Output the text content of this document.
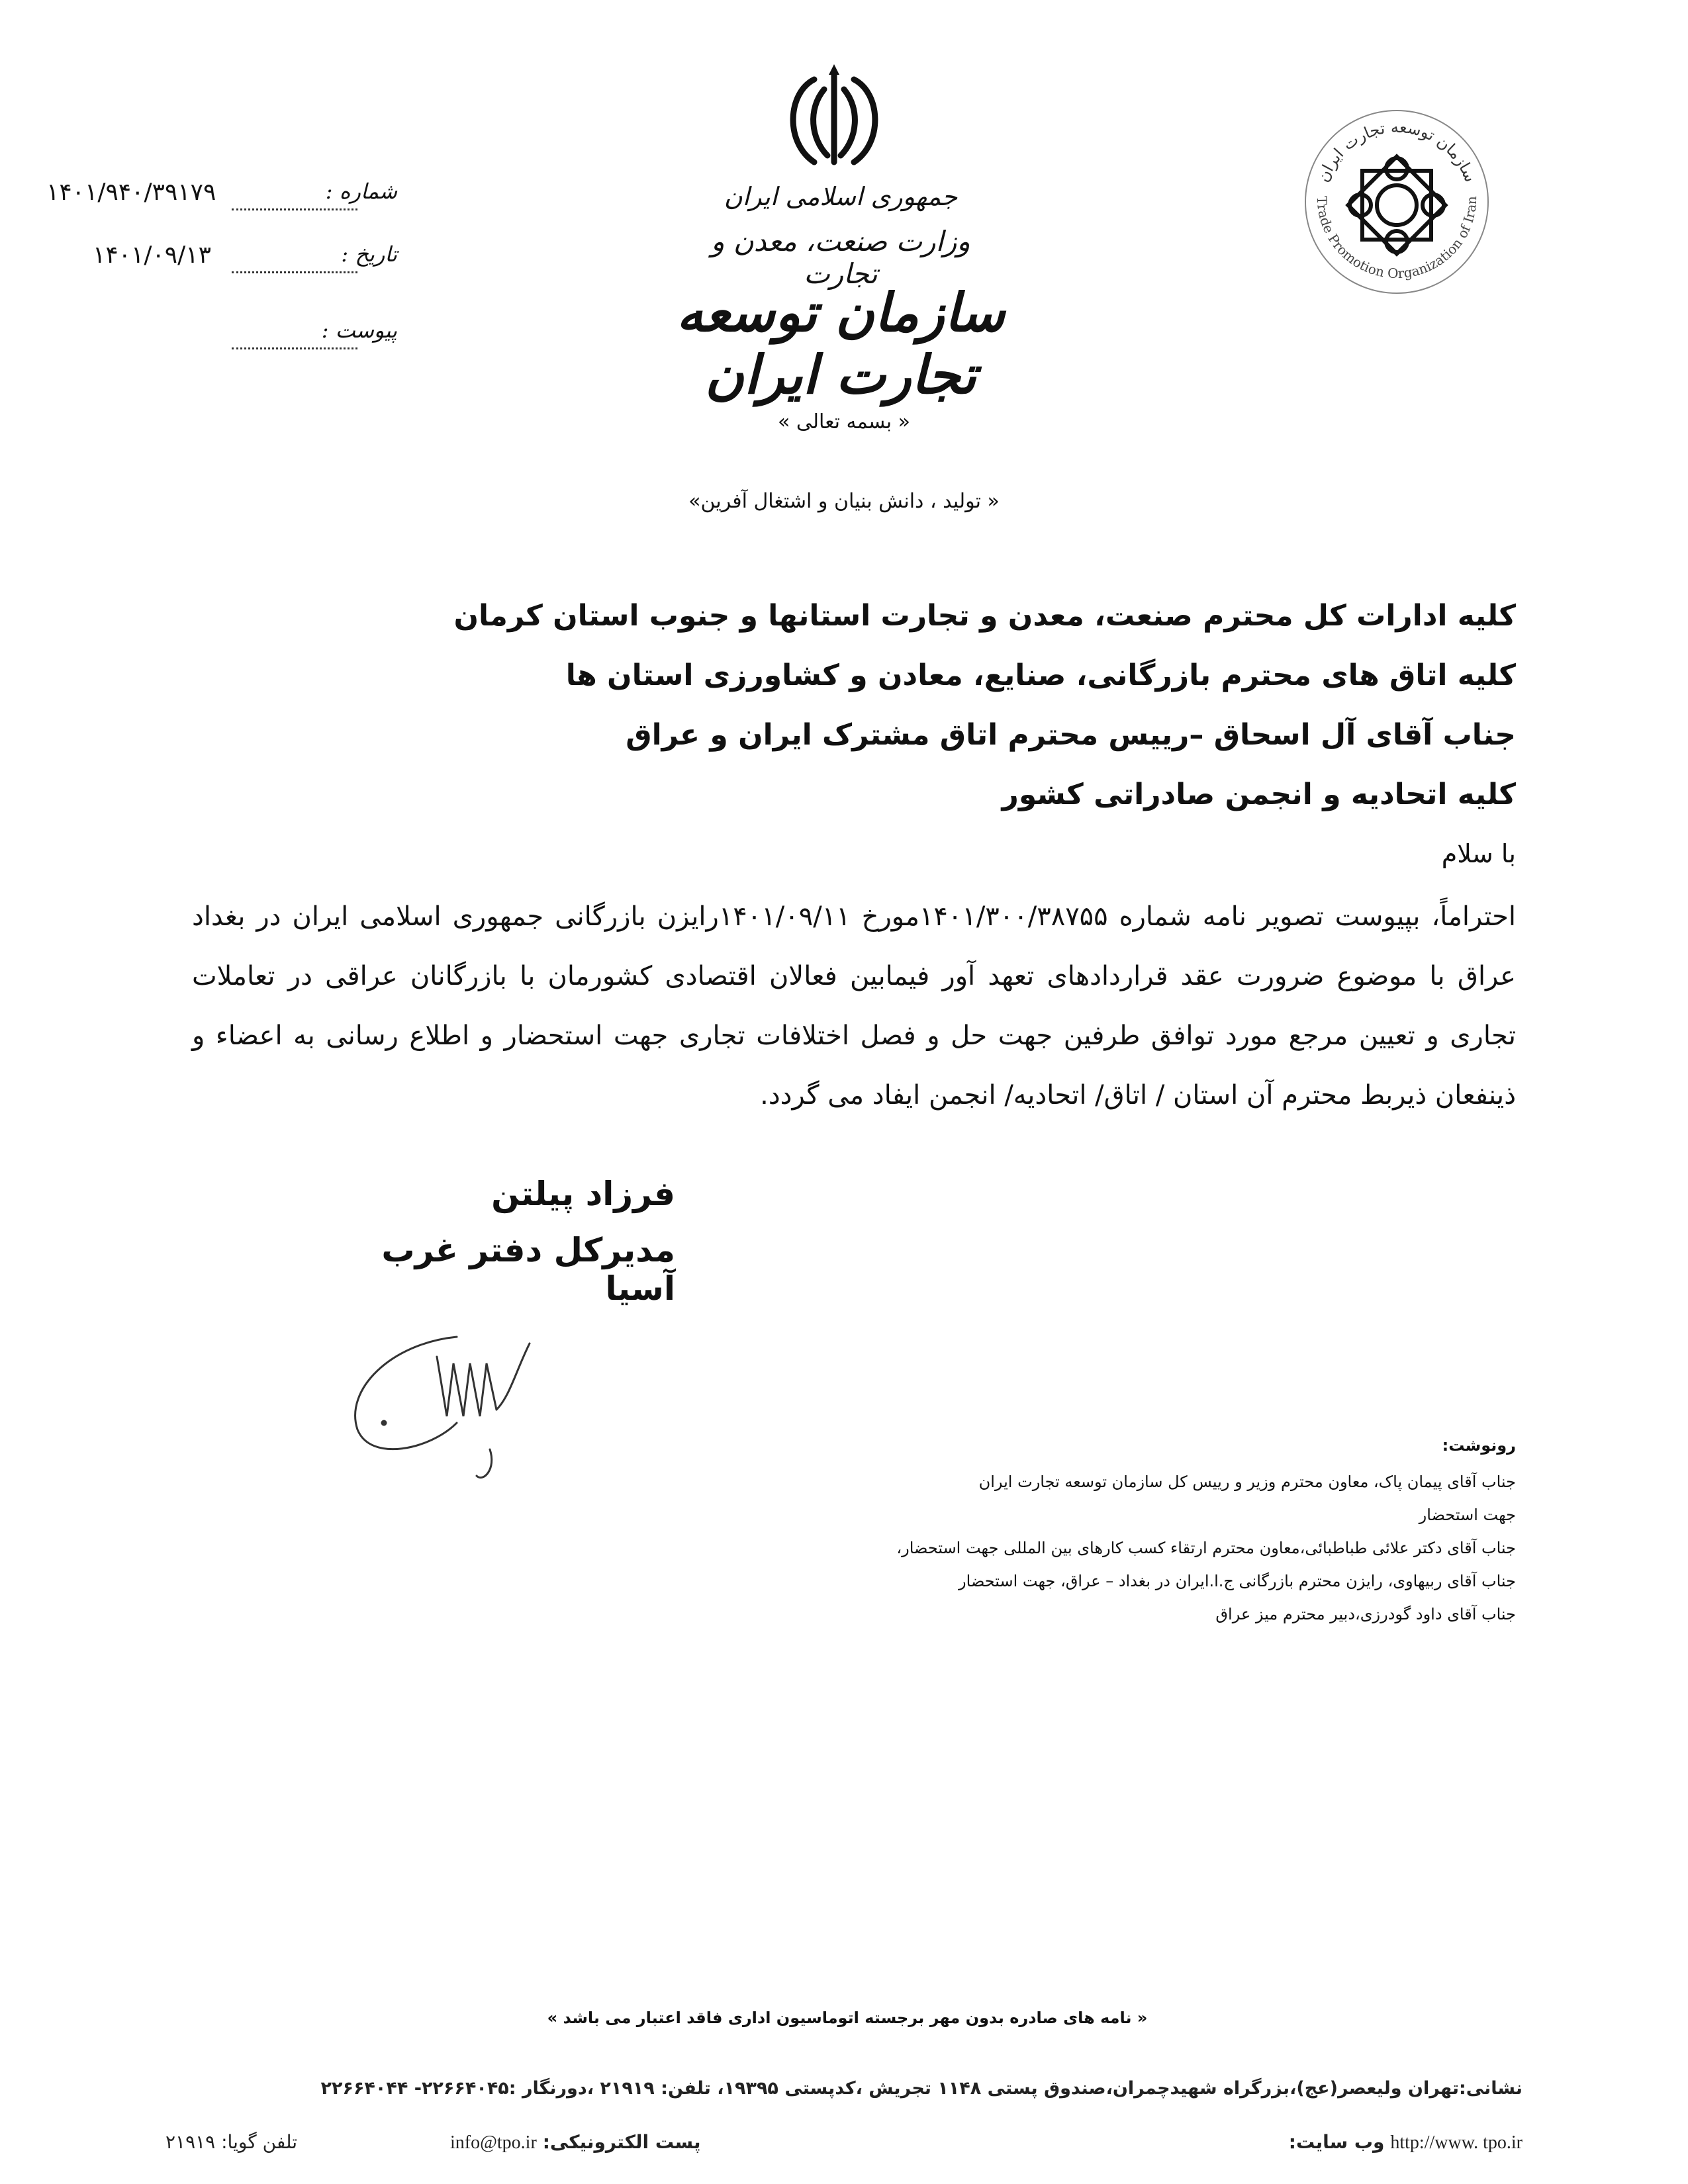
شماره :
۱۴۰۱/۹۴۰/۳۹۱۷۹
تاریخ :
۱۴۰۱/۰۹/۱۳
پیوست :
جمهوری اسلامی ایران
وزارت صنعت، معدن و تجارت
سازمان توسعه تجارت ایران
سازمان توسعه تجارت ایران
Trade Promotion Organization of Iran
« بسمه تعالی »
« تولید ، دانش بنیان و اشتغال آفرین»
کلیه ادارات کل محترم صنعت، معدن و تجارت استانها و جنوب استان کرمان
کلیه اتاق های محترم بازرگانی، صنایع، معادن و کشاورزی استان ها
جناب آقای آل اسحاق –رییس محترم اتاق مشترک ایران و عراق
کلیه اتحادیه و انجمن صادراتی کشور
با سلام
احتراماً، بپیوست تصویر نامه شماره ۱۴۰۱/۳۰۰/۳۸۷۵۵مورخ ۱۴۰۱/۰۹/۱۱رایزن بازرگانی جمهوری اسلامی ایران در بغداد عراق با موضوع ضرورت عقد قراردادهای تعهد آور فیمابین فعالان اقتصادی کشورمان با بازرگانان عراقی در تعاملات تجاری و تعیین مرجع مورد توافق طرفین جهت حل و فصل اختلافات تجاری جهت استحضار و اطلاع رسانی به اعضاء و ذینفعان ذیربط محترم آن استان / اتاق/ اتحادیه/ انجمن ایفاد می گردد.
فرزاد پیلتن
مدیرکل دفتر غرب آسیا
رونوشت:
جناب آقای پیمان پاک، معاون محترم وزیر و رییس کل سازمان توسعه تجارت ایران
جهت استحضار
جناب آقای دکتر علائی طباطبائی،معاون محترم ارتقاء کسب کارهای بین المللی جهت استحضار،
جناب آقای ربیهاوی، رایزن محترم بازرگانی ج.ا.ایران در بغداد – عراق، جهت استحضار
جناب آقای داود گودرزی،دبیر محترم میز عراق
« نامه های صادره بدون مهر برجسته اتوماسیون اداری فاقد اعتبار می باشد »
نشانی:تهران ولیعصر(عج)،بزرگراه شهیدچمران،صندوق پستی ۱۱۴۸ تجریش ،کدپستی ۱۹۳۹۵، تلفن: ۲۱۹۱۹ ،دورنگار :۲۲۶۶۴۰۴۵- ۲۲۶۶۴۰۴۴
وب سایت: http://www. tpo.ir
info@tpo.ir پست الکترونیکی:
۲۱۹۱۹ تلفن گویا:
